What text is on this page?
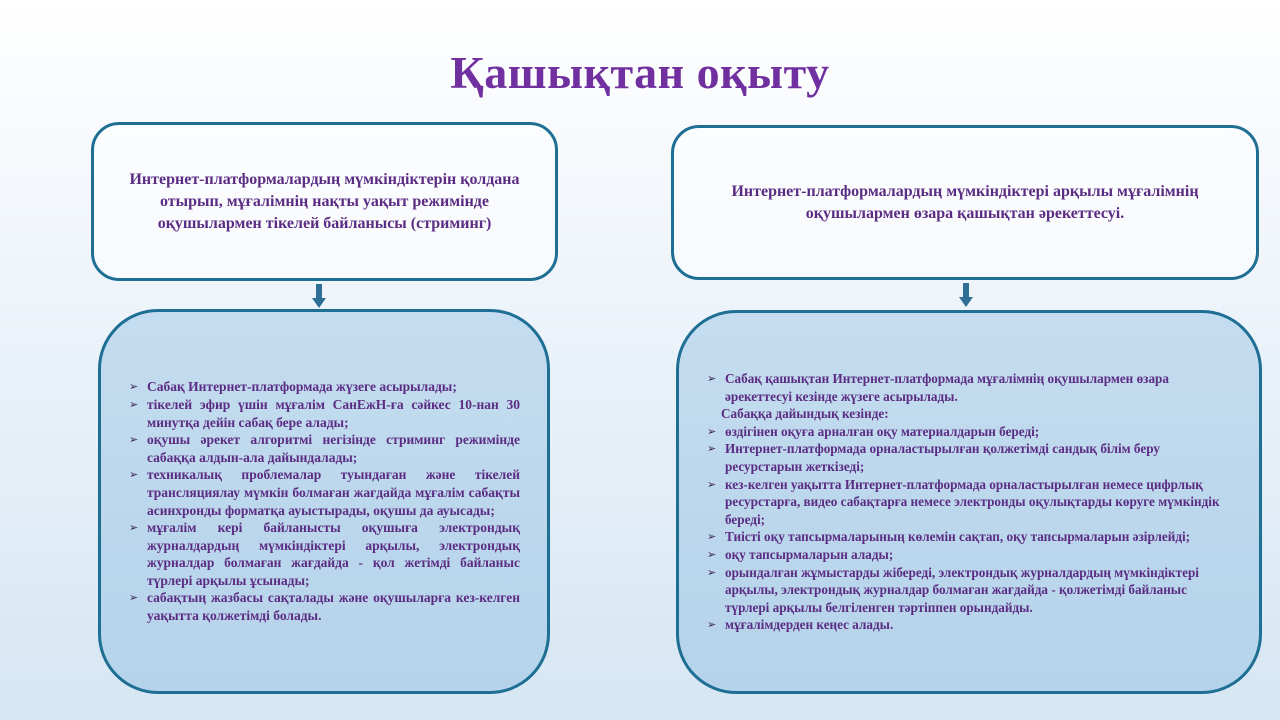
Қашықтан оқыту
Интернет-платформалардың мүмкіндіктерін қолдана отырып, мұғалімнің нақты уақыт режимінде оқушылармен тікелей байланысы (стриминг)
Интернет-платформалардың мүмкіндіктері арқылы мұғалімнің оқушылармен өзара қашықтан әрекеттесуі.
➢ Сабақ Интернет-платформада жүзеге асырылады;
➢ тікелей эфир үшін мұғалім СанЕжН-ға сәйкес 10-нан 30 минутқа дейін сабақ бере алады;
➢ оқушы әрекет алгоритмі негізінде стриминг режимінде сабаққа алдын-ала дайындалады;
➢ техникалық проблемалар туындаған және тікелей трансляциялау мүмкін болмаған жағдайда мұғалім сабақты асинхронды форматқа ауыстырады, оқушы да ауысады;
➢ мұғалім кері байланысты оқушыға электрондық журналдардың мүмкіндіктері арқылы, электрондық журналдар болмаған жағдайда - қол жетімді байланыс түрлері арқылы ұсынады;
➢ сабақтың жазбасы сақталады және оқушыларға кез-келген уақытта қолжетімді болады.
➢ Сабақ қашықтан Интернет-платформада мұғалімнің оқушылармен өзара әрекеттесуі кезінде жүзеге асырылады.
Сабаққа дайындық кезінде:
➢ өздігінен оқуға арналған оқу материалдарын береді;
➢ Интернет-платформада орналастырылған қолжетімді сандық білім беру ресурстарын жеткізеді;
➢ кез-келген уақытта Интернет-платформада орналастырылған немесе цифрлық ресурстарға, видео сабақтарға немесе электронды оқулықтарды көруге мүмкіндік береді;
➢ Тиісті оқу тапсырмаларының көлемін сақтап, оқу тапсырмаларын әзірлейді;
➢ оқу тапсырмаларын алады;
➢ орындалған жұмыстарды жібереді, электрондық журналдардың мүмкіндіктері арқылы, электрондық журналдар болмаған жағдайда - қолжетімді байланыс түрлері арқылы белгіленген тәртіппен орындайды.
➢ мұғалімдерден кеңес алады.
